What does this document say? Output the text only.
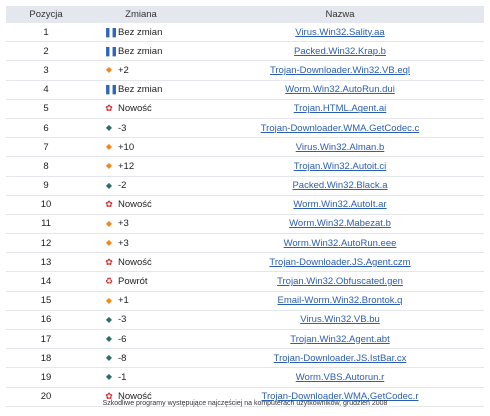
Pozycja	Zmiana	Nazwa
1	❚❚ Bez zmian	Virus.Win32.Sality.aa
2	❚❚ Bez zmian	Packed.Win32.Krap.b
3	◆ +2	Trojan-Downloader.Win32.VB.eql
4	❚❚ Bez zmian	Worm.Win32.AutoRun.dui
5	✿ Nowość	Trojan.HTML.Agent.ai
6	◆ -3	Trojan-Downloader.WMA.GetCodec.c
7	◆ +10	Virus.Win32.Alman.b
8	◆ +12	Trojan.Win32.Autoit.ci
9	◆ -2	Packed.Win32.Black.a
10	✿ Nowość	Worm.Win32.AutoIt.ar
11	◆ +3	Worm.Win32.Mabezat.b
12	◆ +3	Worm.Win32.AutoRun.eee
13	✿ Nowość	Trojan-Downloader.JS.Agent.czm
14	♻ Powrót	Trojan.Win32.Obfuscated.gen
15	◆ +1	Email-Worm.Win32.Brontok.q
16	◆ -3	Virus.Win32.VB.bu
17	◆ -6	Trojan.Win32.Agent.abt
18	◆ -8	Trojan-Downloader.JS.IstBar.cx
19	◆ -1	Worm.VBS.Autorun.r
20	✿ Nowość	Trojan-Downloader.WMA.GetCodec.r
Szkodliwe programy występujące najczęściej na komputerach użytkowników, grudzień 2008
